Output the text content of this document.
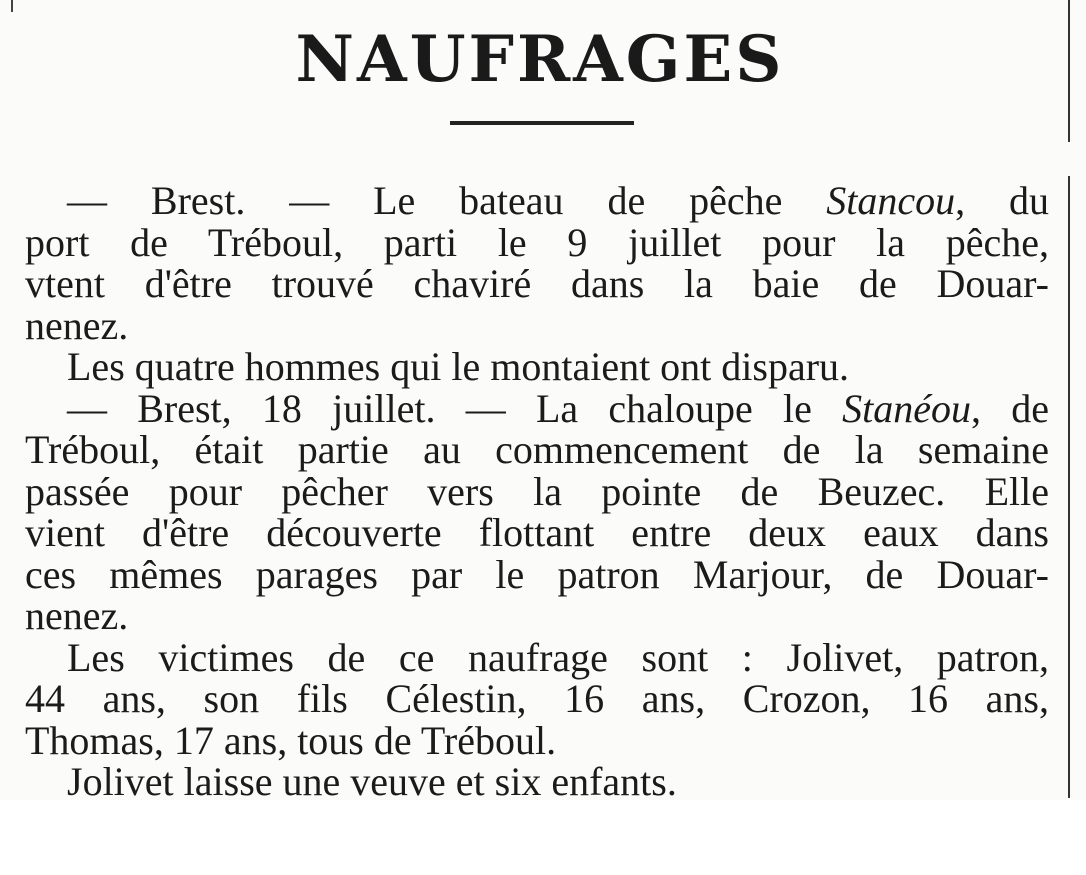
NAUFRAGES
— Brest. — Le bateau de pêche Stancou, du
port de Tréboul, parti le 9 juillet pour la pêche,
vtent d'être trouvé chaviré dans la baie de Douar-
nenez.
Les quatre hommes qui le montaient ont disparu.
— Brest, 18 juillet. — La chaloupe le Stanéou, de
Tréboul, était partie au commencement de la semaine
passée pour pêcher vers la pointe de Beuzec. Elle
vient d'être découverte flottant entre deux eaux dans
ces mêmes parages par le patron Marjour, de Douar-
nenez.
Les victimes de ce naufrage sont : Jolivet, patron,
44 ans, son fils Célestin, 16 ans, Crozon, 16 ans,
Thomas, 17 ans, tous de Tréboul.
Jolivet laisse une veuve et six enfants.
